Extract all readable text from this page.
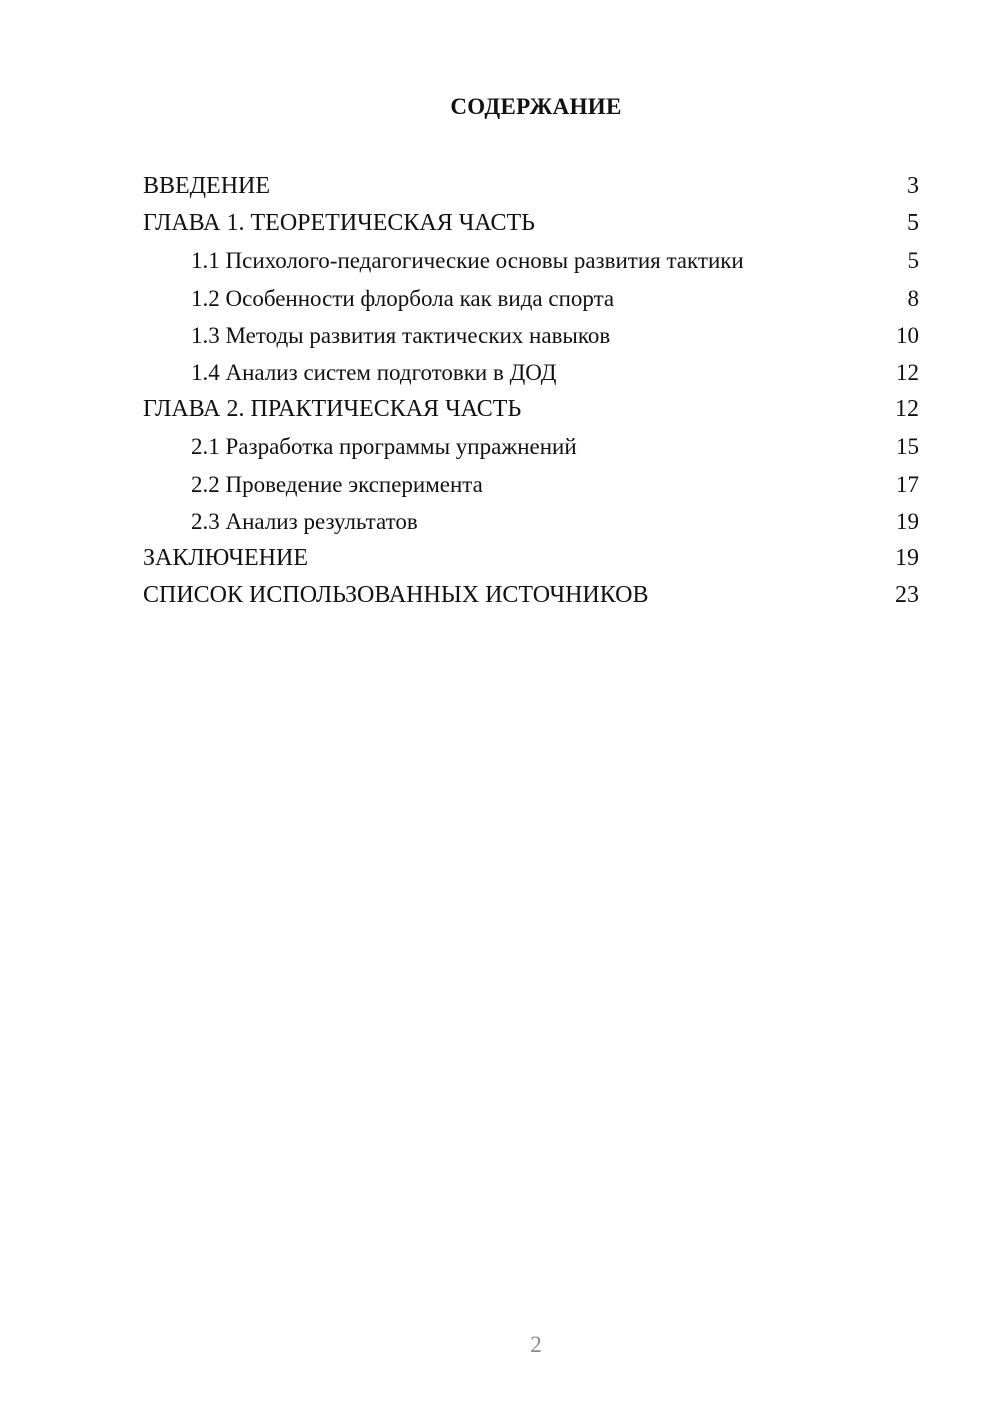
СОДЕРЖАНИЕ
ВВЕДЕНИЕ	3
ГЛАВА 1. ТЕОРЕТИЧЕСКАЯ ЧАСТЬ	5
1.1 Психолого-педагогические основы развития тактики	5
1.2 Особенности флорбола как вида спорта	8
1.3 Методы развития тактических навыков	10
1.4 Анализ систем подготовки в ДОД	12
ГЛАВА 2. ПРАКТИЧЕСКАЯ ЧАСТЬ	12
2.1 Разработка программы упражнений	15
2.2 Проведение эксперимента	17
2.3 Анализ результатов	19
ЗАКЛЮЧЕНИЕ	19
СПИСОК ИСПОЛЬЗОВАННЫХ ИСТОЧНИКОВ	23
2
